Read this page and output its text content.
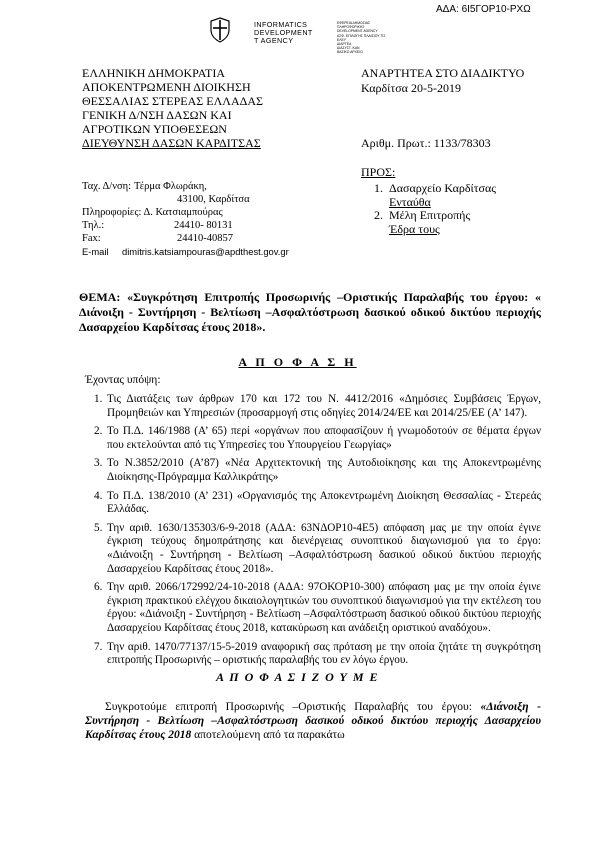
ΑΔΑ: 6Ι5ΓΟΡ10-ΡΧΩ
INFORMATICS
DEVELOPMENT
T AGENCY
ΕΦΕΡΕΙΑ ΔΗΜΟΣΙΑΣ
ΠΛΗΡΟΦΟΡΙΚΗΣ
DEVELOPMENT AGENCY
ΑΣΦ. ΕΠΙΛΟΓΗΣ ΠΛΑΙΣΙΟΥ ΤΙΣ
ΕΛΕΥ
ΔΙΑΡΤΕΑ
ΔΙΑΣΥΣΤ. ΚΑΝ
ΒΑΣΙΚΟ ΑΡΧΕΙΟ
ΕΛΛΗΝΙΚΗ ΔΗΜΟΚΡΑΤΙΑ
ΑΠΟΚΕΝΤΡΩΜΕΝΗ ΔΙΟΙΚΗΣΗ
ΘΕΣΣΑΛΙΑΣ ΣΤΕΡΕΑΣ ΕΛΛΑΔΑΣ
ΓΕΝΙΚΗ Δ/ΝΣΗ ΔΑΣΩΝ ΚΑΙ
ΑΓΡΟΤΙΚΩΝ ΥΠΟΘΕΣΕΩΝ
ΔΙΕΥΘΥΝΣΗ ΔΑΣΩΝ ΚΑΡΔΙΤΣΑΣ
ΑΝΑΡΤΗΤΕΑ ΣΤΟ ΔΙΑΔΙΚΤΥΟ
Καρδίτσα 20-5-2019
Αριθμ. Πρωτ.: 1133/78303
ΠΡΟΣ:
1. Δασαρχείο Καρδίτσας
Ενταύθα
2. Μέλη Επιτροπής
Έδρα τους
Ταχ. Δ/νση: Τέρμα Φλωράκη,
43100, Καρδίτσα
Πληροφορίες: Δ. Κατσιαμπούρας
Τηλ.:	24410- 80131
Fax:	24410-40857
E-mail	dimitris.katsiampouras@apdthest.gov.gr
ΘΕΜΑ: «Συγκρότηση Επιτροπής Προσωρινής –Οριστικής Παραλαβής του έργου: « Διάνοιξη - Συντήρηση - Βελτίωση –Ασφαλτόστρωση δασικού οδικού δικτύου περιοχής Δασαρχείου Καρδίτσας έτους 2018».
Α Π Ο Φ Α Σ Η
Έχοντας υπόψη:
1. Τις Διατάξεις των άρθρων 170 και 172 του Ν. 4412/2016 «Δημόσιες Συμβάσεις Έργων, Προμηθειών και Υπηρεσιών (προσαρμογή στις οδηγίες 2014/24/ΕΕ και 2014/25/ΕΕ (Α’ 147).
2. Το Π.Δ. 146/1988 (Α’ 65) περί «οργάνων που αποφασίζουν ή γνωμοδοτούν σε θέματα έργων που εκτελούνται από τις Υπηρεσίες του Υπουργείου Γεωργίας»
3. Το Ν.3852/2010 (Α’87) «Νέα Αρχιτεκτονική της Αυτοδιοίκησης και της Αποκεντρωμένης Διοίκησης-Πρόγραμμα Καλλικράτης»
4. Το Π.Δ. 138/2010 (Α’ 231) «Οργανισμός της Αποκεντρωμένη Διοίκηση Θεσσαλίας - Στερεάς Ελλάδας.
5. Την αριθ. 1630/135303/6-9-2018 (ΑΔΑ: 63ΝΔΟΡ10-4Ε5) απόφαση μας με την οποία έγινε έγκριση τεύχους δημοπράτησης και διενέργειας συνοπτικού διαγωνισμού για το έργο: «Διάνοιξη - Συντήρηση - Βελτίωση –Ασφαλτόστρωση δασικού οδικού δικτύου περιοχής Δασαρχείου Καρδίτσας έτους 2018».
6. Την αριθ. 2066/172992/24-10-2018 (ΑΔΑ: 97ΟΚΟΡ10-300) απόφαση μας με την οποία έγινε έγκριση πρακτικού ελέγχου δικαιολογητικών του συνοπτικού διαγωνισμού για την εκτέλεση του έργου: «Διάνοιξη - Συντήρηση - Βελτίωση –Ασφαλτόστρωση δασικού οδικού δικτύου περιοχής Δασαρχείου Καρδίτσας έτους 2018, κατακύρωση και ανάδειξη οριστικού αναδόχου».
7. Την αριθ. 1470/77137/15-5-2019 αναφορική σας πρόταση με την οποία ζητάτε τη συγκρότηση επιτροπής Προσωρινής – οριστικής παραλαβής του εν λόγω έργου.
Α Π Ο Φ Α Σ Ι Ζ Ο Υ Μ Ε
Συγκροτούμε επιτροπή Προσωρινής –Οριστικής Παραλαβής του έργου: «Διάνοιξη - Συντήρηση - Βελτίωση –Ασφαλτόστρωση δασικού οδικού δικτύου περιοχής Δασαρχείου Καρδίτσας έτους 2018 αποτελούμενη από τα παρακάτω
